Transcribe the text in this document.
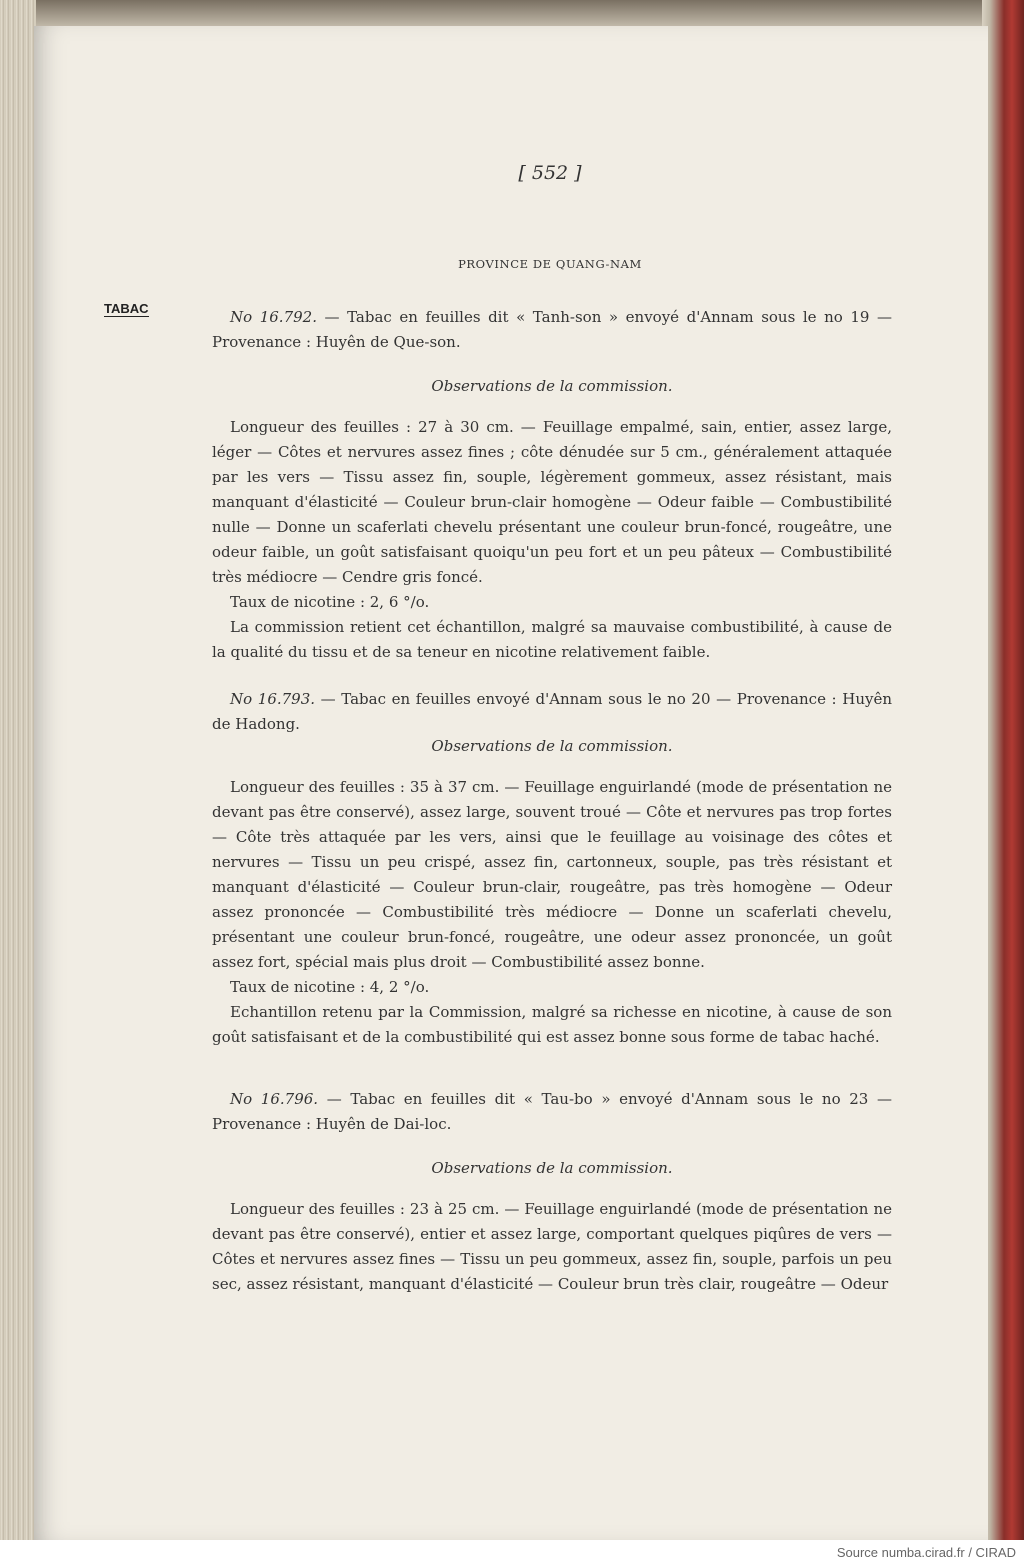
[ 552 ]
PROVINCE DE QUANG-NAM
TABAC	No 16.792. — Tabac en feuilles dit « Tanh-son » envoyé d'Annam sous le no 19 — Provenance : Huyên de Que-son.

Observations de la commission.

Longueur des feuilles : 27 à 30 cm. — Feuillage empalmé, sain, entier, assez large, léger — Côtes et nervures assez fines ; côte dénudée sur 5 cm., généralement attaquée par les vers — Tissu assez fin, souple, légèrement gommeux, assez résistant, mais manquant d'élasticité — Couleur brun-clair homogène — Odeur faible — Combustibilité nulle — Donne un scaferlati chevelu présentant une couleur brun-foncé, rougeâtre, une odeur faible, un goût satisfaisant quoiqu'un peu fort et un peu pâteux — Combustibilité très médiocre — Cendre gris foncé.

Taux de nicotine : 2, 6 °/o.

La commission retient cet échantillon, malgré sa mauvaise combustibilité, à cause de la qualité du tissu et de sa teneur en nicotine relativement faible.

No 16.793. — Tabac en feuilles envoyé d'Annam sous le no 20 — Provenance : Huyên de Hadong.

Observations de la commission.

Longueur des feuilles : 35 à 37 cm. — Feuillage enguirlandé (mode de présentation ne devant pas être conservé), assez large, souvent troué — Côte et nervures pas trop fortes — Côte très attaquée par les vers, ainsi que le feuillage au voisinage des côtes et nervures — Tissu un peu crispé, assez fin, cartonneux, souple, pas très résistant et manquant d'élasticité — Couleur brun-clair, rougeâtre, pas très homogène — Odeur assez prononcée — Combustibilité très médiocre — Donne un scaferlati chevelu, présentant une couleur brun-foncé, rougeâtre, une odeur assez prononcée, un goût assez fort, spécial mais plus droit — Combustibilité assez bonne.

Taux de nicotine : 4, 2 °/o.

Echantillon retenu par la Commission, malgré sa richesse en nicotine, à cause de son goût satisfaisant et de la combustibilité qui est assez bonne sous forme de tabac haché.

No 16.796. — Tabac en feuilles dit « Tau-bo » envoyé d'Annam sous le no 23 — Provenance : Huyên de Dai-loc.

Observations de la commission.

Longueur des feuilles : 23 à 25 cm. — Feuillage enguirlandé (mode de présentation ne devant pas être conservé), entier et assez large, comportant quelques piqûres de vers — Côtes et nervures assez fines — Tissu un peu gommeux, assez fin, souple, parfois un peu sec, assez résistant, manquant d'élasticité — Couleur brun très clair, rougeâtre — Odeur

Source numba.cirad.fr / CIRAD
